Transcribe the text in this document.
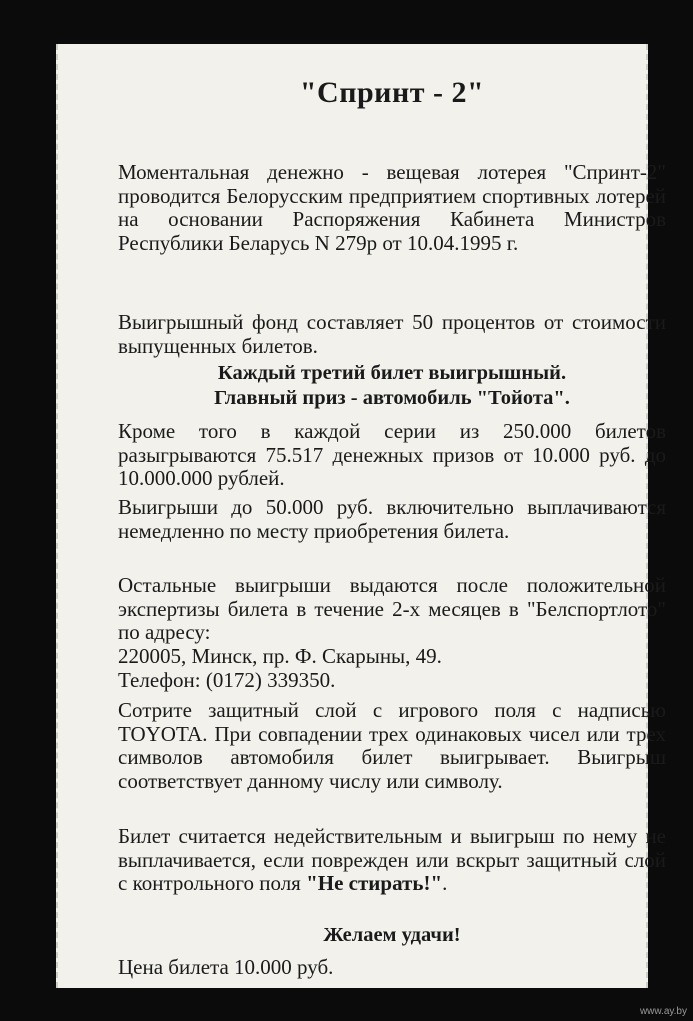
"Спринт - 2"

Моментальная денежно - вещевая лотерея "Спринт-2" проводится Белорусским предприятием спортивных лотерей на основании Распоряжения Кабинета Министров Республики Беларусь N 279р от 10.04.1995 г.

Выигрышный фонд составляет 50 процентов от стоимости выпущенных билетов.

Каждый третий билет выигрышный.

Главный приз - автомобиль "Тойота".

Кроме того в каждой серии из 250.000 билетов разыгрываются 75.517 денежных призов от 10.000 руб. до 10.000.000 рублей.

Выигрыши до 50.000 руб. включительно выплачиваются немедленно по месту приобретения билета.

Остальные выигрыши выдаются после положительной экспертизы билета в течение 2-х месяцев в "Белспортлото" по адресу:

220005, Минск, пр. Ф. Скарыны, 49.

Телефон: (0172) 339350.

Сотрите защитный слой с игрового поля с надписью TOYOTA. При совпадении трех одинаковых чисел или трех символов автомобиля билет выигрывает. Выигрыш соответствует данному числу или символу.

Билет считается недействительным и выигрыш по нему не выплачивается, если поврежден или вскрыт защитный слой с контрольного поля "Не стирать!".

Желаем удачи!

Цена билета 10.000 руб.

www.ay.by
